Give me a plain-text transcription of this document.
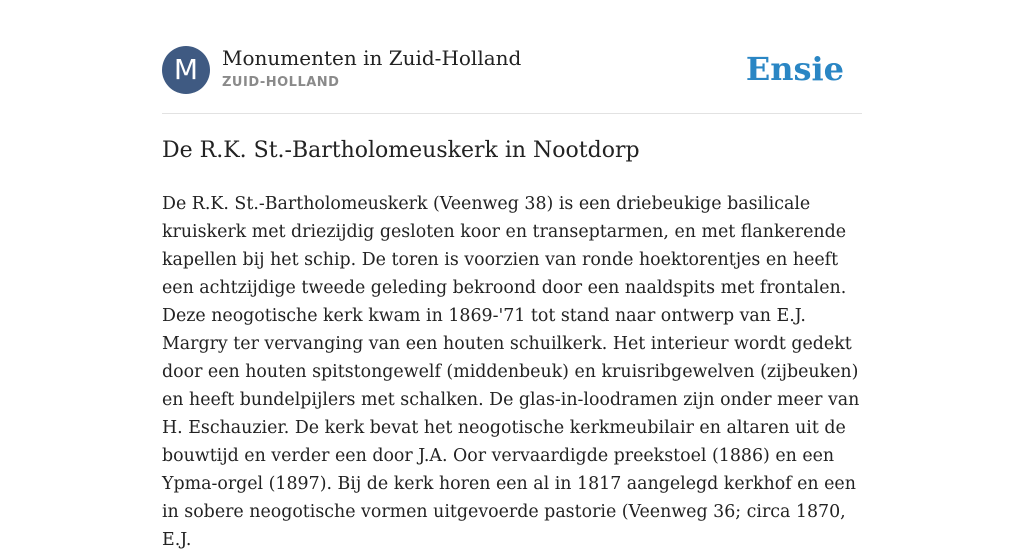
M	Monumenten in Zuid-Holland
ZUID-HOLLAND	Ensie
De R.K. St.-Bartholomeuskerk in Nootdorp

De R.K. St.-Bartholomeuskerk (Veenweg 38) is een driebeukige basilicale kruiskerk met driezijdig gesloten koor en transeptarmen, en met flankerende kapellen bij het schip. De toren is voorzien van ronde hoektorentjes en heeft een achtzijdige tweede geleding bekroond door een naaldspits met frontalen. Deze neogotische kerk kwam in 1869-'71 tot stand naar ontwerp van E.J. Margry ter vervanging van een houten schuilkerk. Het interieur wordt gedekt door een houten spitstongewelf (middenbeuk) en kruisribgewelven (zijbeuken) en heeft bundelpijlers met schalken. De glas-in-loodramen zijn onder meer van H. Eschauzier. De kerk bevat het neogotische kerkmeubilair en altaren uit de bouwtijd en verder een door J.A. Oor vervaardigde preekstoel (1886) en een Ypma-orgel (1897). Bij de kerk horen een al in 1817 aangelegd kerkhof en een in sobere neogotische vormen uitgevoerde pastorie (Veenweg 36; circa 1870, E.J.
